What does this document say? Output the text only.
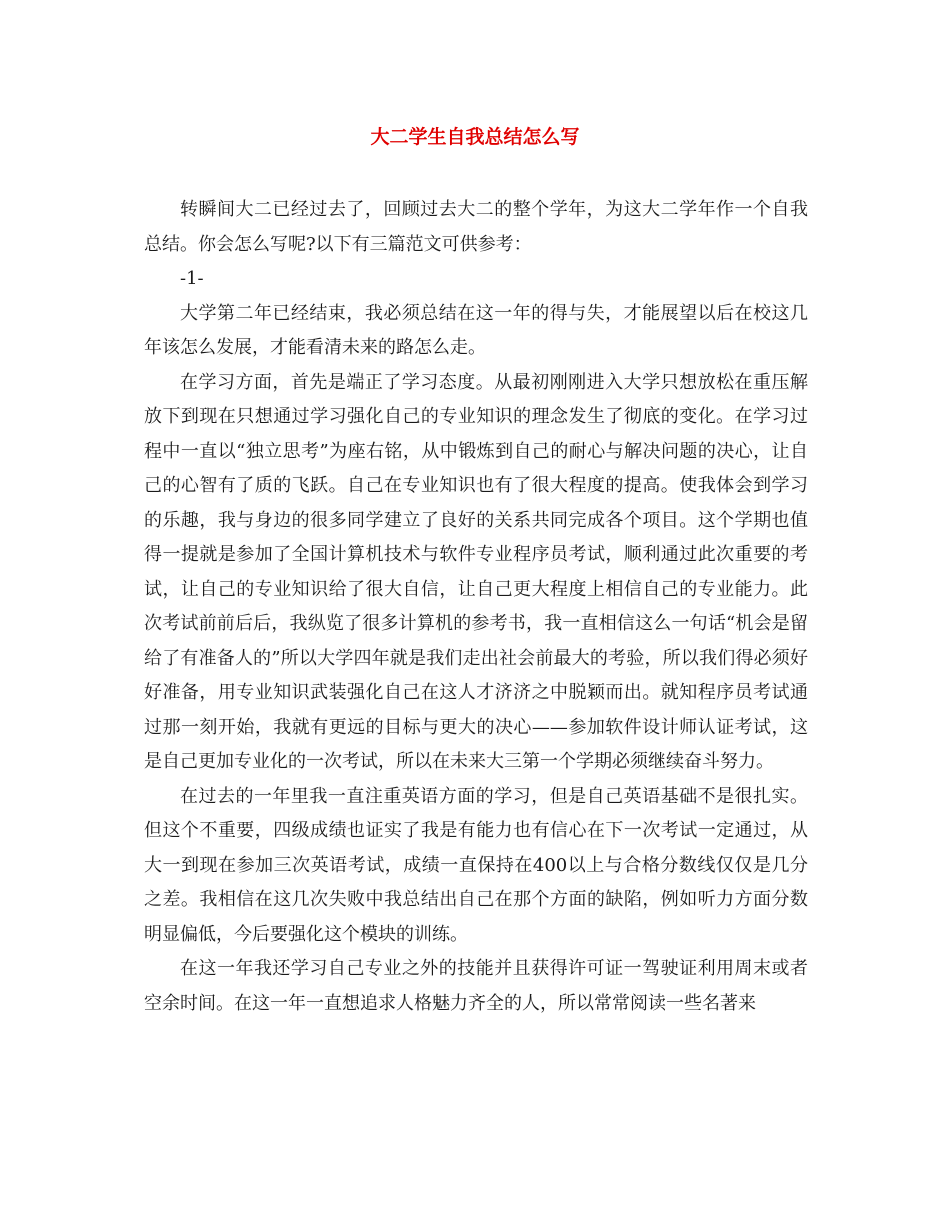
大二学生自我总结怎么写

转瞬间大二已经过去了，回顾过去大二的整个学年，为这大二学年作一个自我总结。你会怎么写呢?以下有三篇范文可供参考：

-1-

大学第二年已经结束，我必须总结在这一年的得与失，才能展望以后在校这几年该怎么发展，才能看清未来的路怎么走。

在学习方面，首先是端正了学习态度。从最初刚刚进入大学只想放松在重压解放下到现在只想通过学习强化自己的专业知识的理念发生了彻底的变化。在学习过程中一直以“独立思考”为座右铭，从中锻炼到自己的耐心与解决问题的决心，让自己的心智有了质的飞跃。自己在专业知识也有了很大程度的提高。使我体会到学习的乐趣，我与身边的很多同学建立了良好的关系共同完成各个项目。这个学期也值得一提就是参加了全国计算机技术与软件专业程序员考试，顺利通过此次重要的考试，让自己的专业知识给了很大自信，让自己更大程度上相信自己的专业能力。此次考试前前后后，我纵览了很多计算机的参考书，我一直相信这么一句话“机会是留给了有准备人的”所以大学四年就是我们走出社会前最大的考验，所以我们得必须好好准备，用专业知识武装强化自己在这人才济济之中脱颖而出。就知程序员考试通过那一刻开始，我就有更远的目标与更大的决心——参加软件设计师认证考试，这是自己更加专业化的一次考试，所以在未来大三第一个学期必须继续奋斗努力。

在过去的一年里我一直注重英语方面的学习，但是自己英语基础不是很扎实。但这个不重要，四级成绩也证实了我是有能力也有信心在下一次考试一定通过，从大一到现在参加三次英语考试，成绩一直保持在400以上与合格分数线仅仅是几分之差。我相信在这几次失败中我总结出自己在那个方面的缺陷，例如听力方面分数明显偏低，今后要强化这个模块的训练。

在这一年我还学习自己专业之外的技能并且获得许可证一驾驶证利用周末或者空余时间。在这一年一直想追求人格魅力齐全的人，所以常常阅读一些名著来
